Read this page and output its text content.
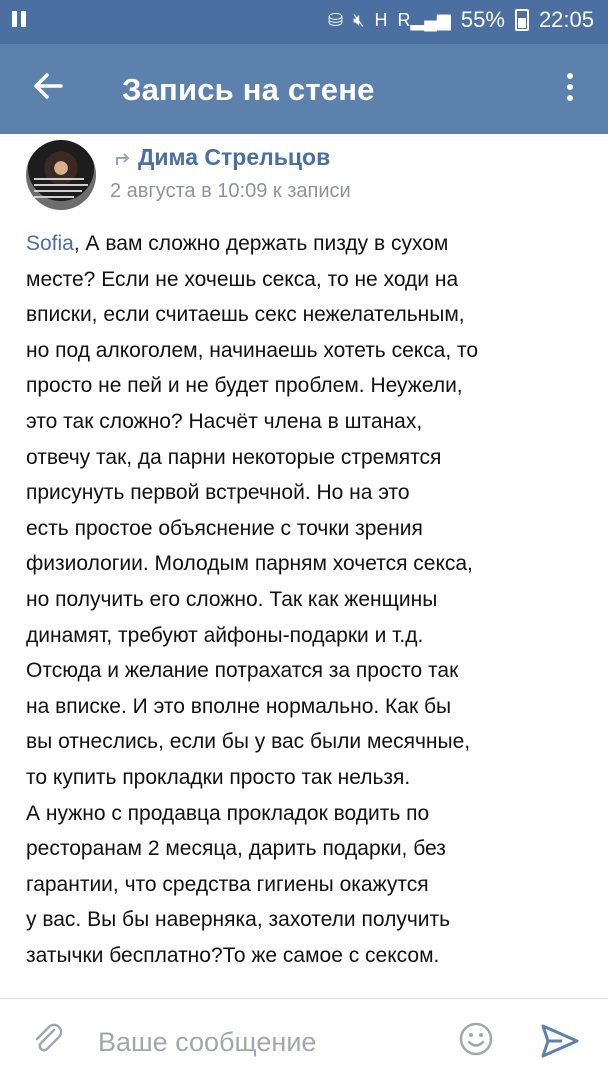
⛁ 🔇︎ H R▂▄▆ 55% 22:05
Запись на стене
Дима Стрельцов
2 августа в 10:09 к записи
Sofia, А вам сложно держать пизду в сухом
месте? Если не хочешь секса, то не ходи на
вписки, если считаешь секс нежелательным,
но под алкоголем, начинаешь хотеть секса, то
просто не пей и не будет проблем. Неужели,
это так сложно? Насчёт члена в штанах,
отвечу так, да парни некоторые стремятся
присунуть первой встречной. Но на это
есть простое объяснение с точки зрения
физиологии. Молодым парням хочется секса,
но получить его сложно. Так как женщины
динамят, требуют айфоны-подарки и т.д.
Отсюда и желание потрахатся за просто так
на вписке. И это вполне нормально. Как бы
вы отнеслись, если бы у вас были месячные,
то купить прокладки просто так нельзя.
А нужно с продавца прокладок водить по
ресторанам 2 месяца, дарить подарки, без
гарантии, что средства гигиены окажутся
у вас. Вы бы наверняка, захотели получить
затычки бесплатно?То же самое с сексом.
Ваше сообщение
